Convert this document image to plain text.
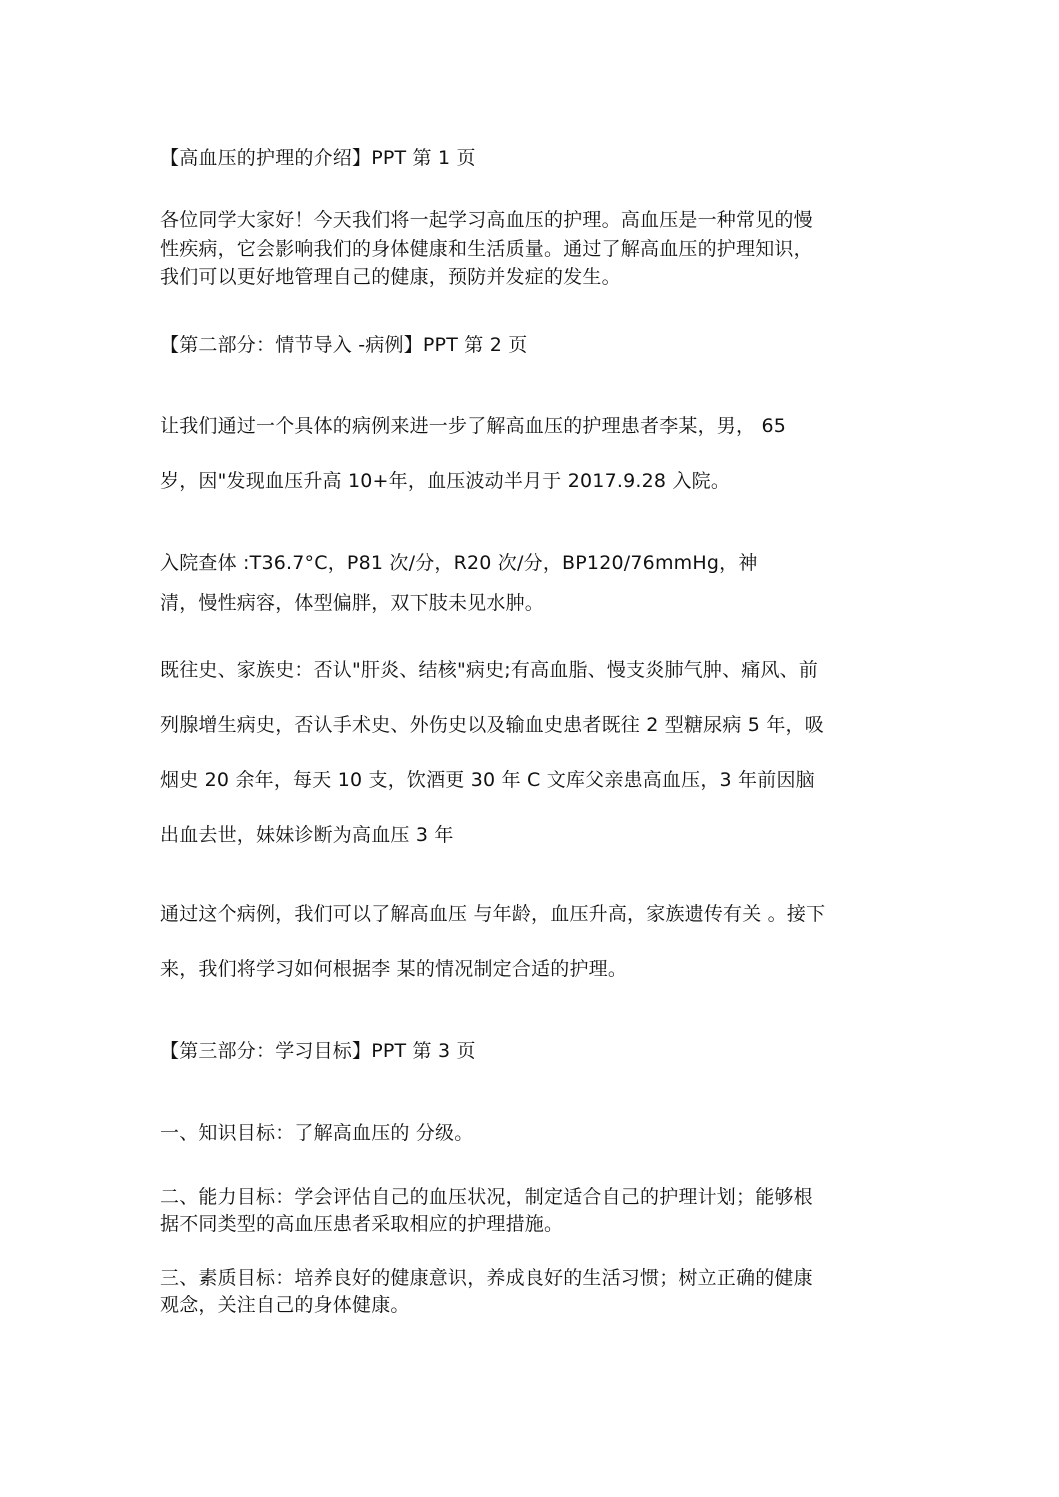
【高血压的护理的介绍】PPT 第 1 页
各位同学大家好！今天我们将一起学习高血压的护理。高血压是一种常见的慢
性疾病，它会影响我们的身体健康和生活质量。通过了解高血压的护理知识，
我们可以更好地管理自己的健康，预防并发症的发生。
【第二部分：情节导入 -病例】PPT 第 2 页
让我们通过一个具体的病例来进一步了解高血压的护理患者李某，男， 65
岁，因"发现血压升高 10+年，血压波动半月于 2017.9.28 入院。
入院查体 :T36.7°C，P81 次/分，R20 次/分，BP120/76mmHg，神
清，慢性病容，体型偏胖，双下肢未见水肿。
既往史、家族史：否认"肝炎、结核"病史;有高血脂、慢支炎肺气肿、痛风、前
列腺增生病史，否认手术史、外伤史以及输血史患者既往 2 型糖尿病 5 年，吸
烟史 20 余年，每天 10 支，饮酒更 30 年 C 文库父亲患高血压，3 年前因脑
出血去世，妹妹诊断为高血压 3 年
通过这个病例，我们可以了解高血压 与年龄，血压升高，家族遗传有关 。接下
来，我们将学习如何根据李 某的情况制定合适的护理。
【第三部分：学习目标】PPT 第 3 页
一、知识目标：了解高血压的 分级。
二、能力目标：学会评估自己的血压状况，制定适合自己的护理计划；能够根
据不同类型的高血压患者采取相应的护理措施。
三、素质目标：培养良好的健康意识，养成良好的生活习惯；树立正确的健康
观念，关注自己的身体健康。
